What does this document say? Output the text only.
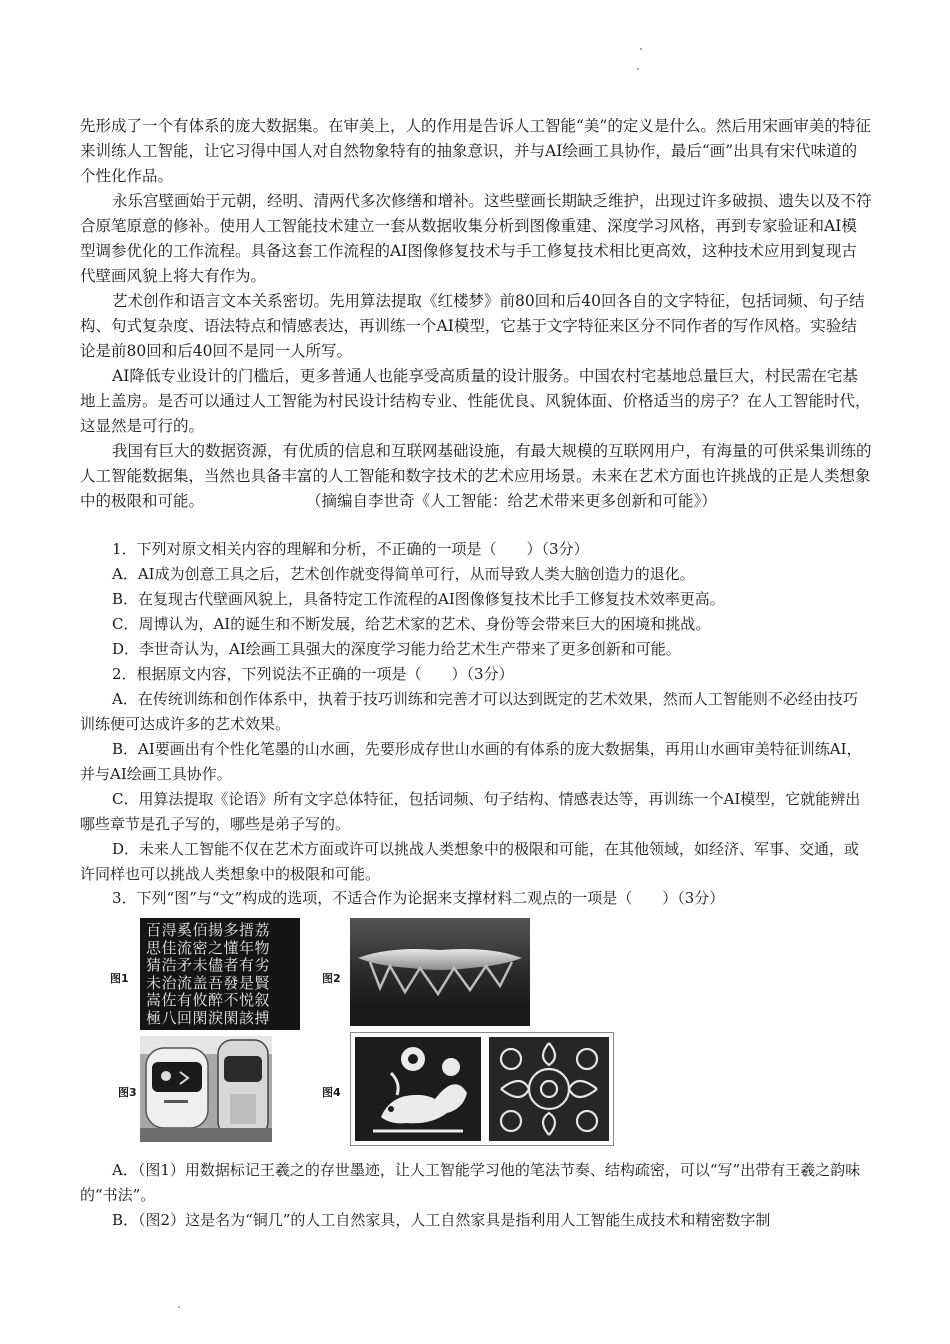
先形成了一个有体系的庞大数据集。在审美上，人的作用是告诉人工智能“美”的定义是什么。然后用宋画审美的特征来训练人工智能，让它习得中国人对自然物象特有的抽象意识，并与AI绘画工具协作，最后“画”出具有宋代味道的个性化作品。

永乐宫壁画始于元朝，经明、清两代多次修缮和增补。这些壁画长期缺乏维护，出现过许多破损、遗失以及不符合原笔原意的修补。使用人工智能技术建立一套从数据收集分析到图像重建、深度学习风格，再到专家验证和AI模型调参优化的工作流程。具备这套工作流程的AI图像修复技术与手工修复技术相比更高效，这种技术应用到复现古代壁画风貌上将大有作为。

艺术创作和语言文本关系密切。先用算法提取《红楼梦》前80回和后40回各自的文字特征，包括词频、句子结构、句式复杂度、语法特点和情感表达，再训练一个AI模型，它基于文字特征来区分不同作者的写作风格。实验结论是前80回和后40回不是同一人所写。

AI降低专业设计的门槛后，更多普通人也能享受高质量的设计服务。中国农村宅基地总量巨大，村民需在宅基地上盖房。是否可以通过人工智能为村民设计结构专业、性能优良、风貌体面、价格适当的房子？在人工智能时代，这显然是可行的。

我国有巨大的数据资源，有优质的信息和互联网基础设施，有最大规模的互联网用户，有海量的可供采集训练的人工智能数据集，当然也具备丰富的人工智能和数字技术的艺术应用场景。未来在艺术方面也许挑战的正是人类想象中的极限和可能。	（摘编自李世奇《人工智能：给艺术带来更多创新和可能》）

1．下列对原文相关内容的理解和分析，不正确的一项是（　　）（3分）

A．AI成为创意工具之后，艺术创作就变得简单可行，从而导致人类大脑创造力的退化。

B．在复现古代壁画风貌上，具备特定工作流程的AI图像修复技术比手工修复技术效率更高。

C．周博认为，AI的诞生和不断发展，给艺术家的艺术、身份等会带来巨大的困境和挑战。

D．李世奇认为，AI绘画工具强大的深度学习能力给艺术生产带来了更多创新和可能。

2．根据原文内容，下列说法不正确的一项是（　　）（3分）

A．在传统训练和创作体系中，执着于技巧训练和完善才可以达到既定的艺术效果，然而人工智能则不必经由技巧训练便可达成许多的艺术效果。

B．AI要画出有个性化笔墨的山水画，先要形成存世山水画的有体系的庞大数据集，再用山水画审美特征训练AI，并与AI绘画工具协作。

C．用算法提取《论语》所有文字总体特征，包括词频、句子结构、情感表达等，再训练一个AI模型，它就能辨出哪些章节是孔子写的，哪些是弟子写的。

D．未来人工智能不仅在艺术方面或许可以挑战人类想象中的极限和可能，在其他领域，如经济、军事、交通，或许同样也可以挑战人类想象中的极限和可能。

3．下列“图”与“文”构成的选项，不适合作为论据来支撑材料二观点的一项是（　　）（3分）

图1
百淂奚佰揚多搢荔
思佳流密之懂年物
猜浩矛未儘者有劣
未治流盖吾發是賢
嵩佐有攸醉不悦叙
極八回閑淚閑該搏
图2
图3	图4

A．（图1）用数据标记王羲之的存世墨迹，让人工智能学习他的笔法节奏、结构疏密，可以“写”出带有王羲之韵味的“书法”。

B．（图2）这是名为“铜几”的人工自然家具，人工自然家具是指利用人工智能生成技术和精密数字制
